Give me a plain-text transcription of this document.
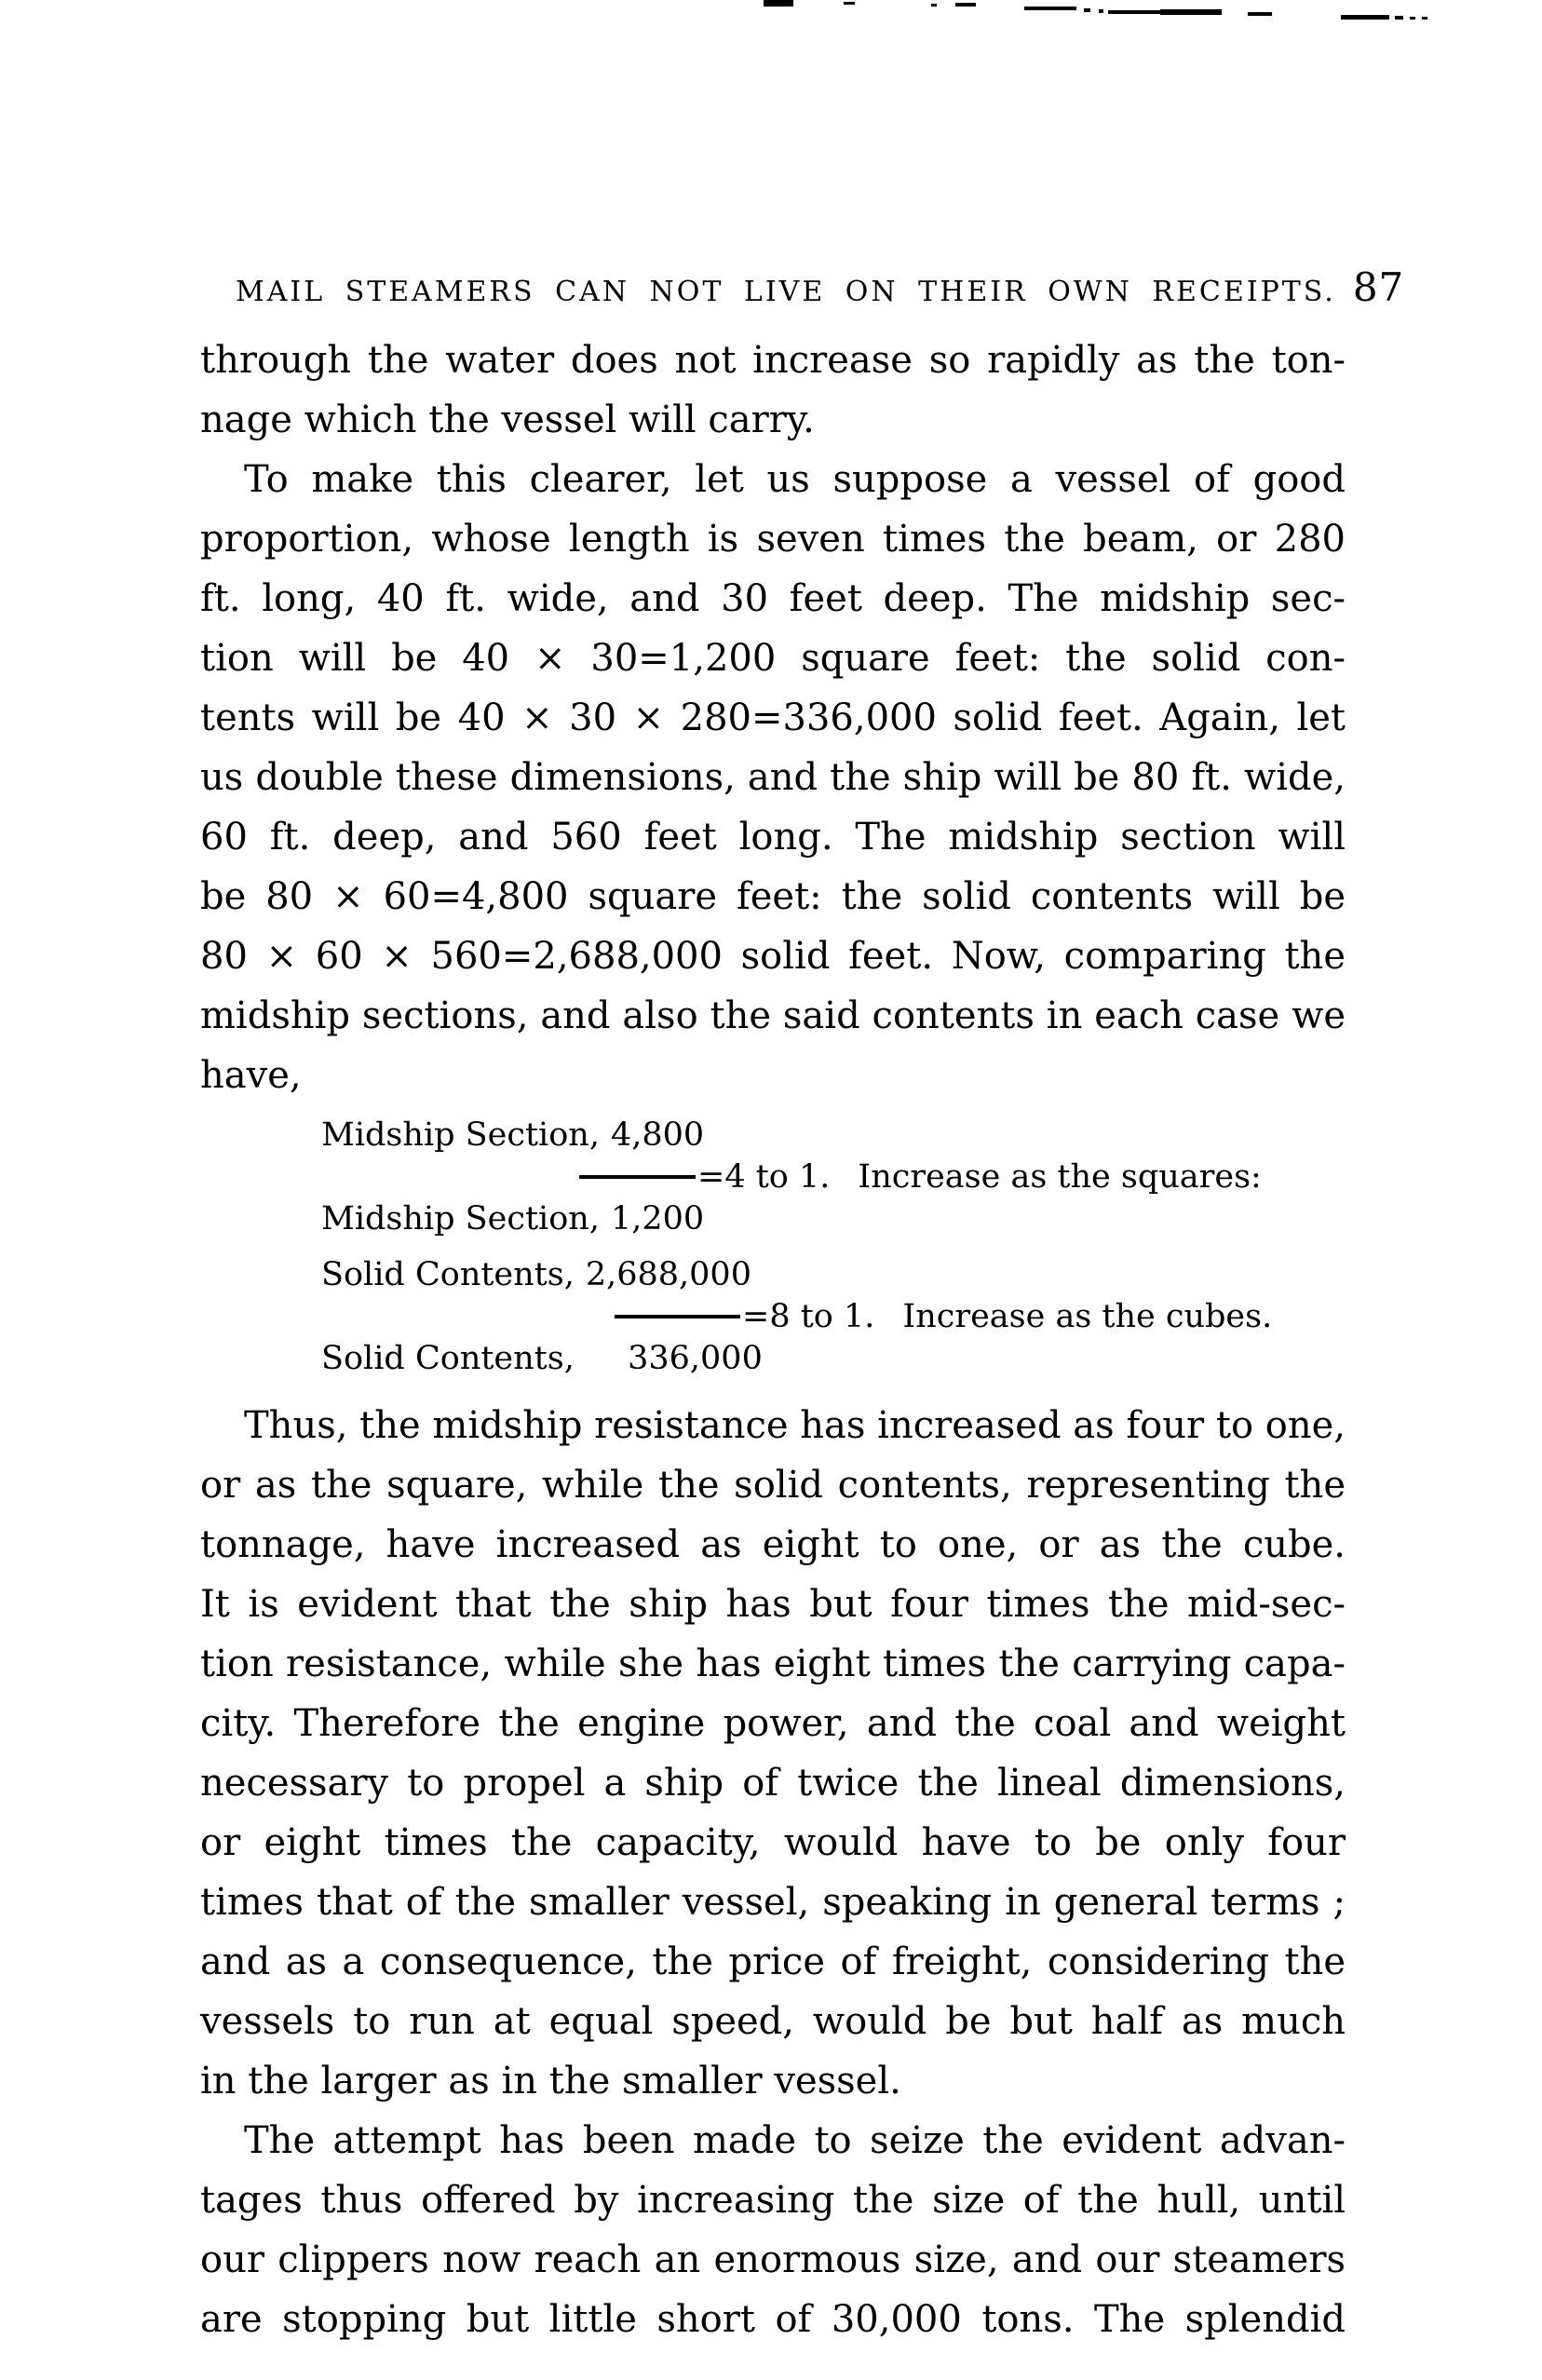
MAIL STEAMERS CAN NOT LIVE ON THEIR OWN RECEIPTS. 87
through the water does not increase so rapidly as the ton-
nage which the vessel will carry.
To make this clearer, let us suppose a vessel of good
proportion, whose length is seven times the beam, or 280
ft. long, 40 ft. wide, and 30 feet deep. The midship sec-
tion will be 40 × 30=1,200 square feet: the solid con-
tents will be 40 × 30 × 280=336,000 solid feet. Again, let
us double these dimensions, and the ship will be 80 ft. wide,
60 ft. deep, and 560 feet long. The midship section will
be 80 × 60=4,800 square feet: the solid contents will be
80 × 60 × 560=2,688,000 solid feet. Now, comparing the
midship sections, and also the said contents in each case we
have,
Midship Section, 4,800
=4 to 1. Increase as the squares:
Midship Section, 1,200
Solid Contents, 2,688,000
=8 to 1. Increase as the cubes.
Solid Contents, 336,000
Thus, the midship resistance has increased as four to one,
or as the square, while the solid contents, representing the
tonnage, have increased as eight to one, or as the cube.
It is evident that the ship has but four times the mid-sec-
tion resistance, while she has eight times the carrying capa-
city. Therefore the engine power, and the coal and weight
necessary to propel a ship of twice the lineal dimensions,
or eight times the capacity, would have to be only four
times that of the smaller vessel, speaking in general terms ;
and as a consequence, the price of freight, considering the
vessels to run at equal speed, would be but half as much
in the larger as in the smaller vessel.
The attempt has been made to seize the evident advan-
tages thus offered by increasing the size of the hull, until
our clippers now reach an enormous size, and our steamers
are stopping but little short of 30,000 tons. The splendid
